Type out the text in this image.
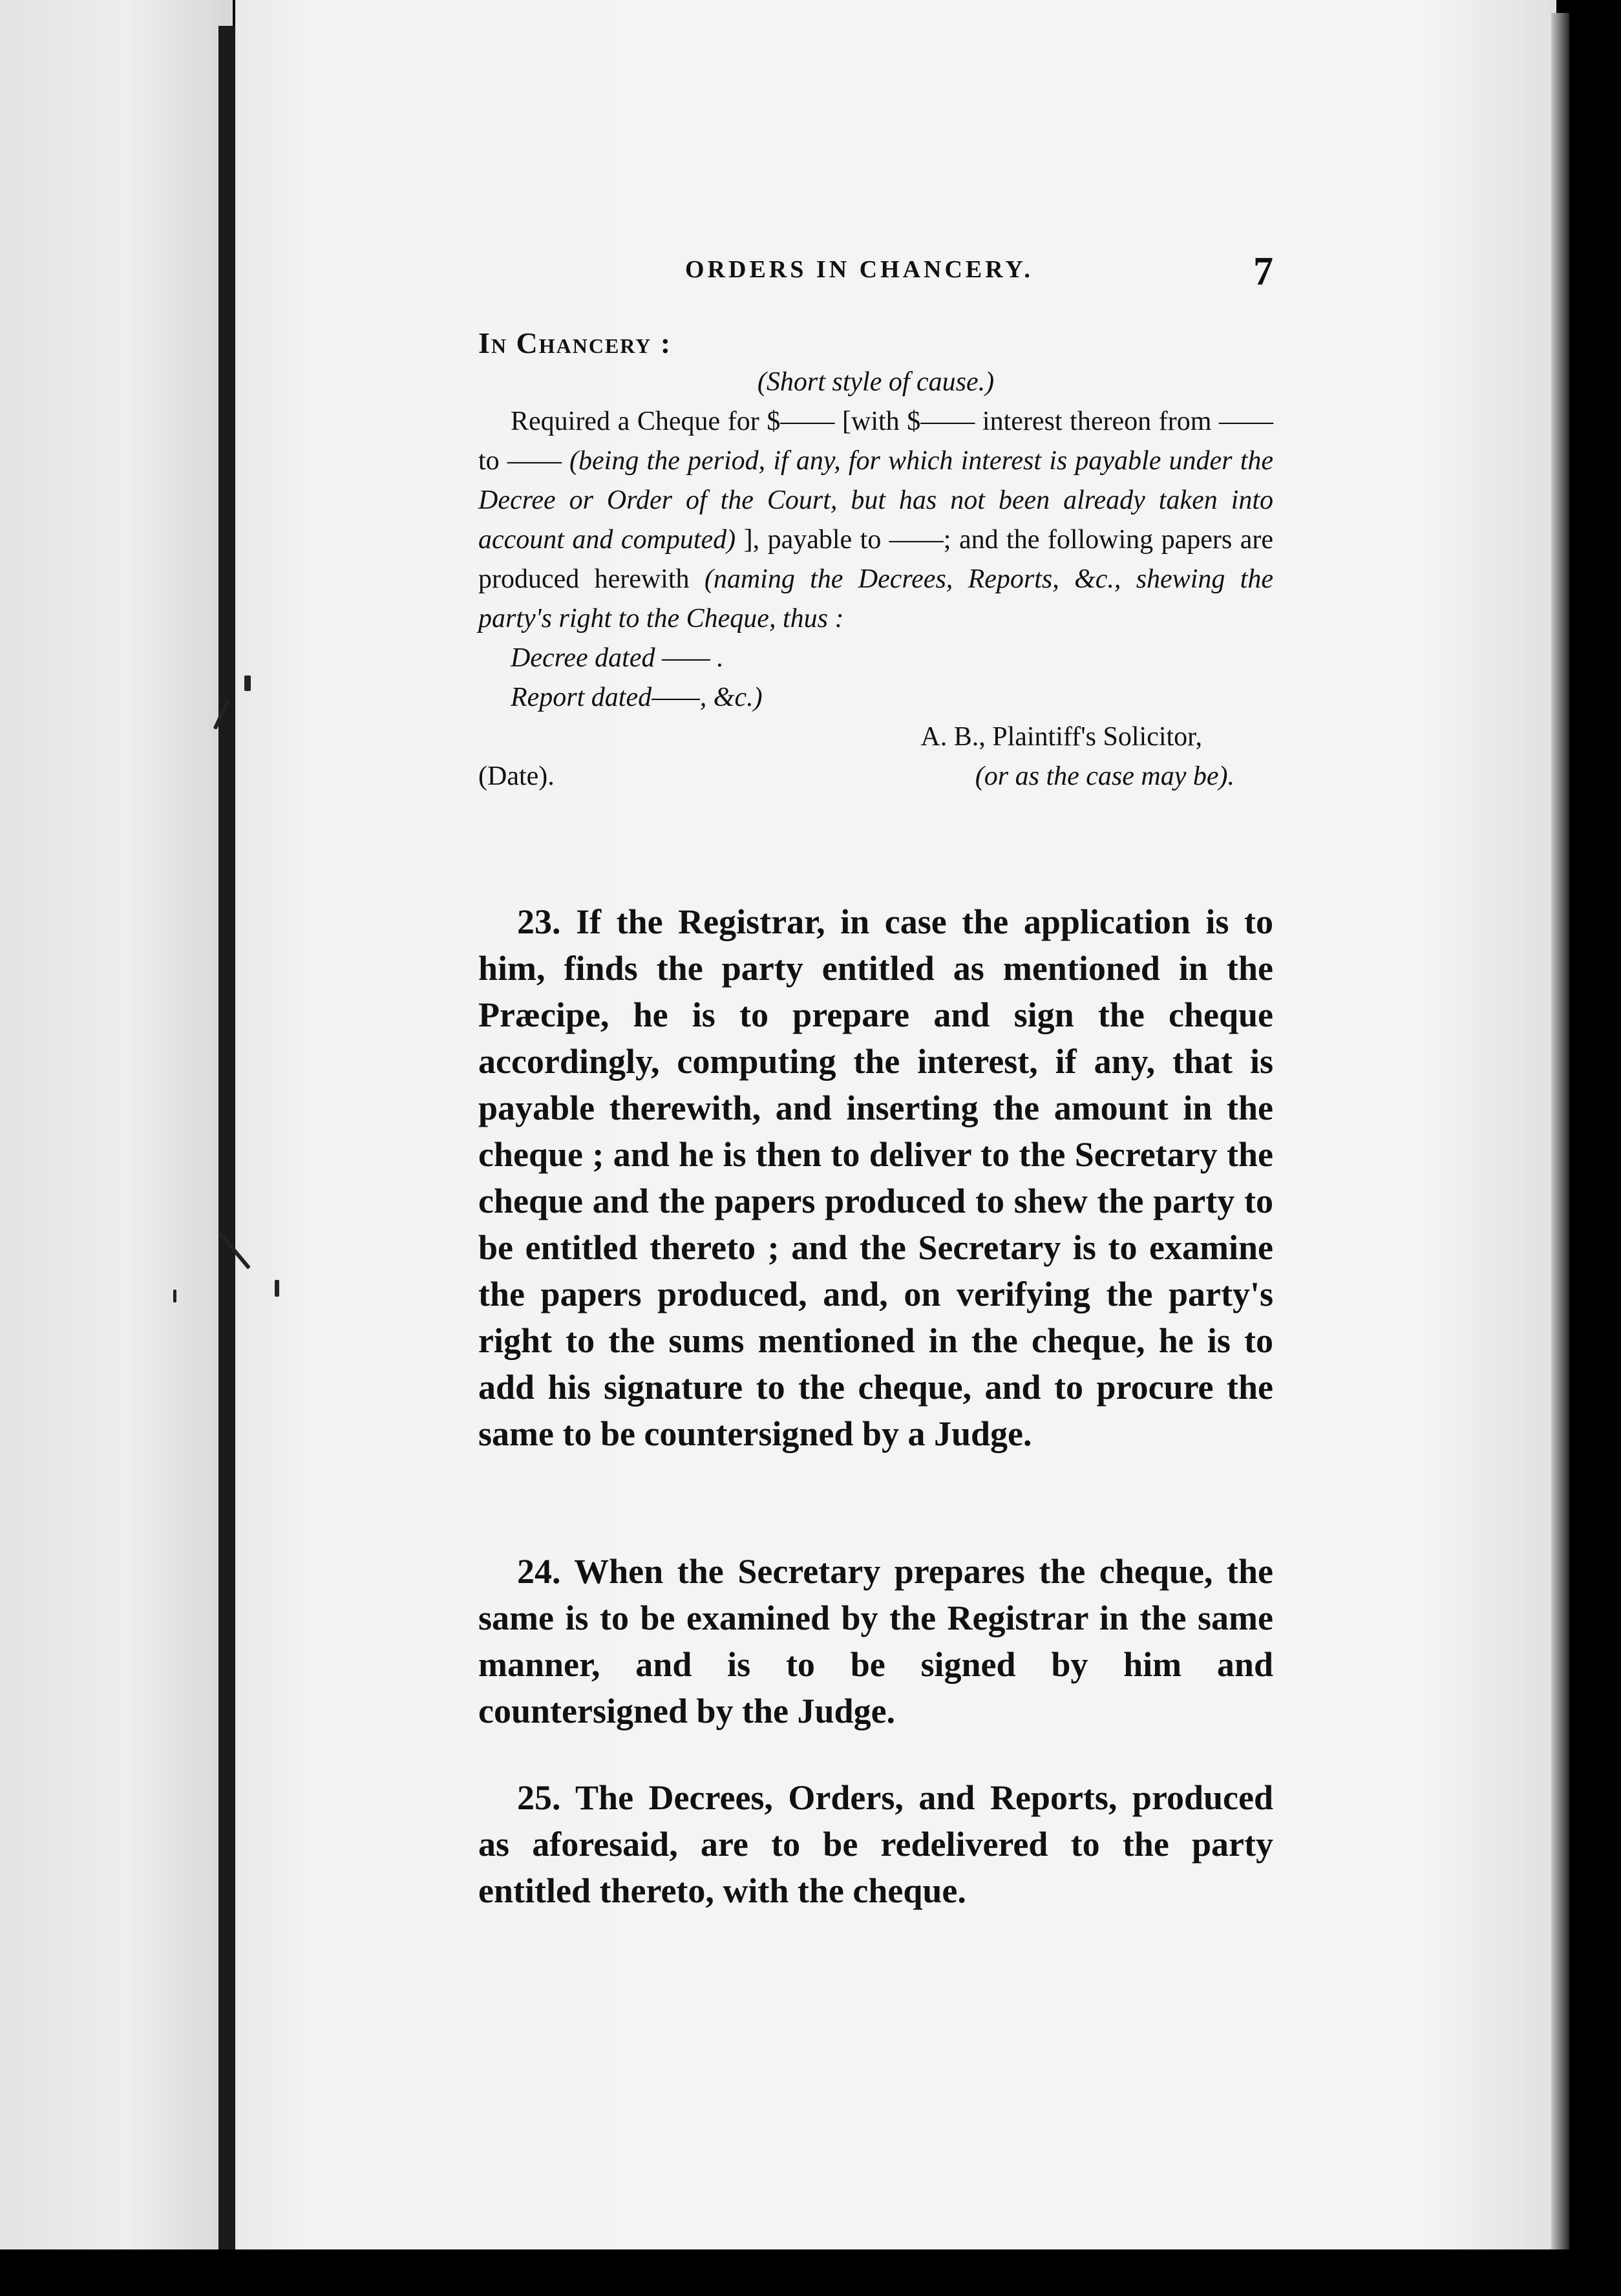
ORDERS IN CHANCERY.	7
In Chancery :
(Short style of cause.)
Required a Cheque for $—— [with $—— interest thereon from —— to —— (being the period, if any, for which interest is payable under the Decree or Order of the Court, but has not been already taken into account and computed) ], payable to ——; and the following papers are produced herewith (naming the Decrees, Reports, &c., shewing the party's right to the Cheque, thus :
Decree dated —— .
Report dated——, &c.)
A. B., Plaintiff's Solicitor,
(Date).	(or as the case may be).
23. If the Registrar, in case the application is to him, finds the party entitled as mentioned in the Præcipe, he is to prepare and sign the cheque accordingly, computing the interest, if any, that is payable therewith, and inserting the amount in the cheque ; and he is then to deliver to the Secretary the cheque and the papers produced to shew the party to be entitled thereto ; and the Secretary is to examine the papers produced, and, on verifying the party's right to the sums mentioned in the cheque, he is to add his signature to the cheque, and to procure the same to be countersigned by a Judge.
24. When the Secretary prepares the cheque, the same is to be examined by the Registrar in the same manner, and is to be signed by him and countersigned by the Judge.
25. The Decrees, Orders, and Reports, produced as aforesaid, are to be redelivered to the party entitled thereto, with the cheque.
